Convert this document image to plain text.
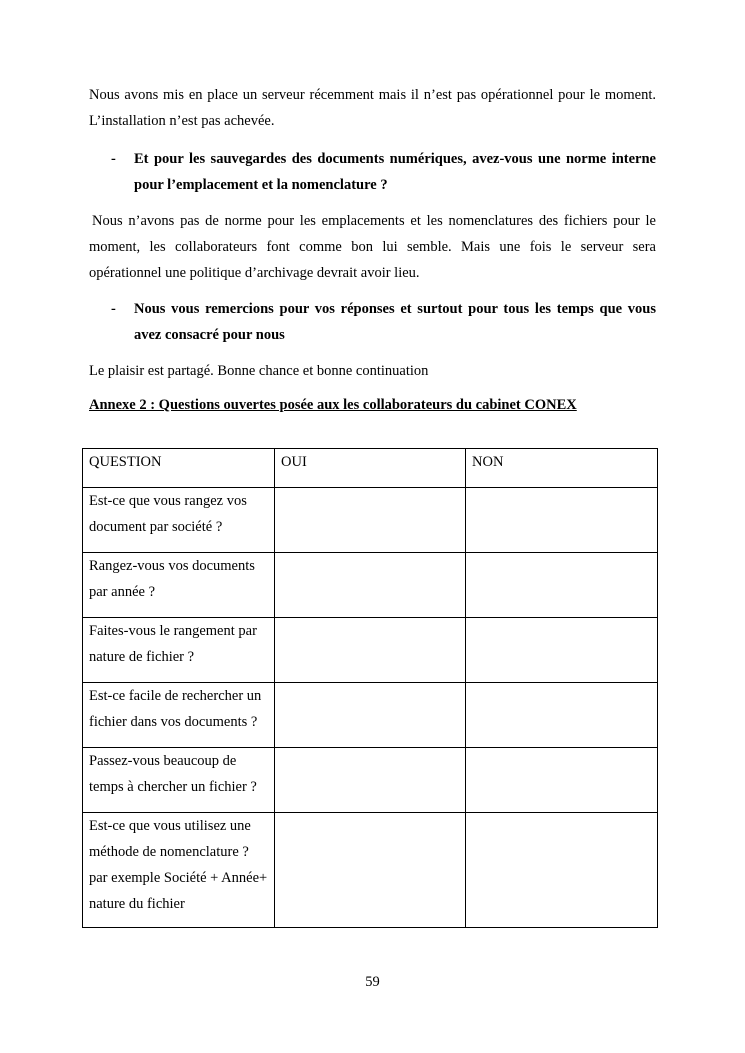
Nous avons mis en place un serveur récemment mais il n’est pas opérationnel pour le moment. L’installation n’est pas achevée.

-	Et pour les sauvegardes des documents numériques, avez-vous une norme interne pour l’emplacement et la nomenclature ?

Nous n’avons pas de norme pour les emplacements et les nomenclatures des fichiers pour le moment, les collaborateurs font comme bon lui semble. Mais une fois le serveur sera opérationnel une politique d’archivage devrait avoir lieu.

-	Nous vous remercions pour vos réponses et surtout pour tous les temps que vous avez consacré pour nous

Le plaisir est partagé. Bonne chance et bonne continuation

Annexe 2 : Questions ouvertes posée aux les collaborateurs du cabinet CONEX
QUESTION	OUI	NON
Est-ce que vous rangez vos document par société ?		
Rangez-vous vos documents par année ?		
Faites-vous le rangement par nature de fichier ?		
Est-ce facile de rechercher un fichier dans vos documents ?		
Passez-vous beaucoup de temps à chercher un fichier ?		
Est-ce que vous utilisez une méthode de nomenclature ? par exemple Société + Année+ nature du fichier		
59
